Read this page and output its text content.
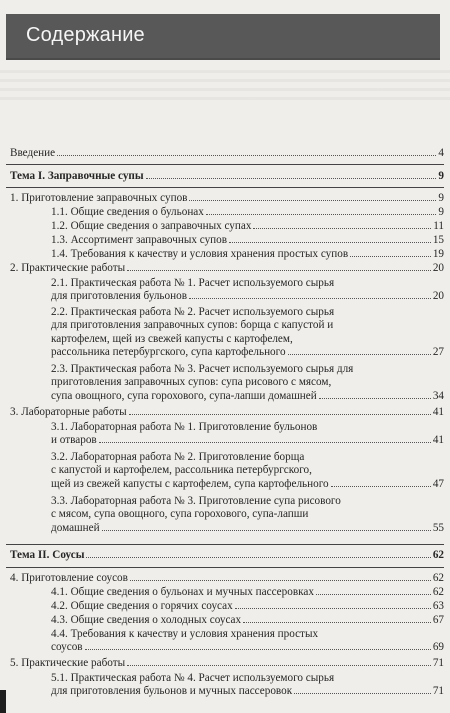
Содержание
Введение	4
Тема I. Заправочные супы	9
1. Приготовление заправочных супов	9
1.1. Общие сведения о бульонах	9
1.2. Общие сведения о заправочных супах	11
1.3. Ассортимент заправочных супов	15
1.4. Требования к качеству и условия хранения простых супов	19
2. Практические работы	20
2.1. Практическая работа № 1. Расчет используемого сырья
для приготовления бульонов	20
2.2. Практическая работа № 2. Расчет используемого сырья
для приготовления заправочных супов: борща с капустой и
картофелем, щей из свежей капусты с картофелем,
рассольника петербургского, супа картофельного	27
2.3. Практическая работа № 3. Расчет используемого сырья для
приготовления заправочных супов: супа рисового с мясом,
супа овощного, супа горохового, супа-лапши домашней	34
3. Лабораторные работы	41
3.1. Лабораторная работа № 1. Приготовление бульонов
и отваров	41
3.2. Лабораторная работа № 2. Приготовление борща
с капустой и картофелем, рассольника петербургского,
щей из свежей капусты с картофелем, супа картофельного	47
3.3. Лабораторная работа № 3. Приготовление супа рисового
с мясом, супа овощного, супа горохового, супа-лапши
домашней	55
Тема II. Соусы	62
4. Приготовление соусов	62
4.1. Общие сведения о бульонах и мучных пассеровках	62
4.2. Общие сведения о горячих соусах	63
4.3. Общие сведения о холодных соусах	67
4.4. Требования к качеству и условия хранения простых
соусов	69
5. Практические работы	71
5.1. Практическая работа № 4. Расчет используемого сырья
для приготовления бульонов и мучных пассеровок	71
